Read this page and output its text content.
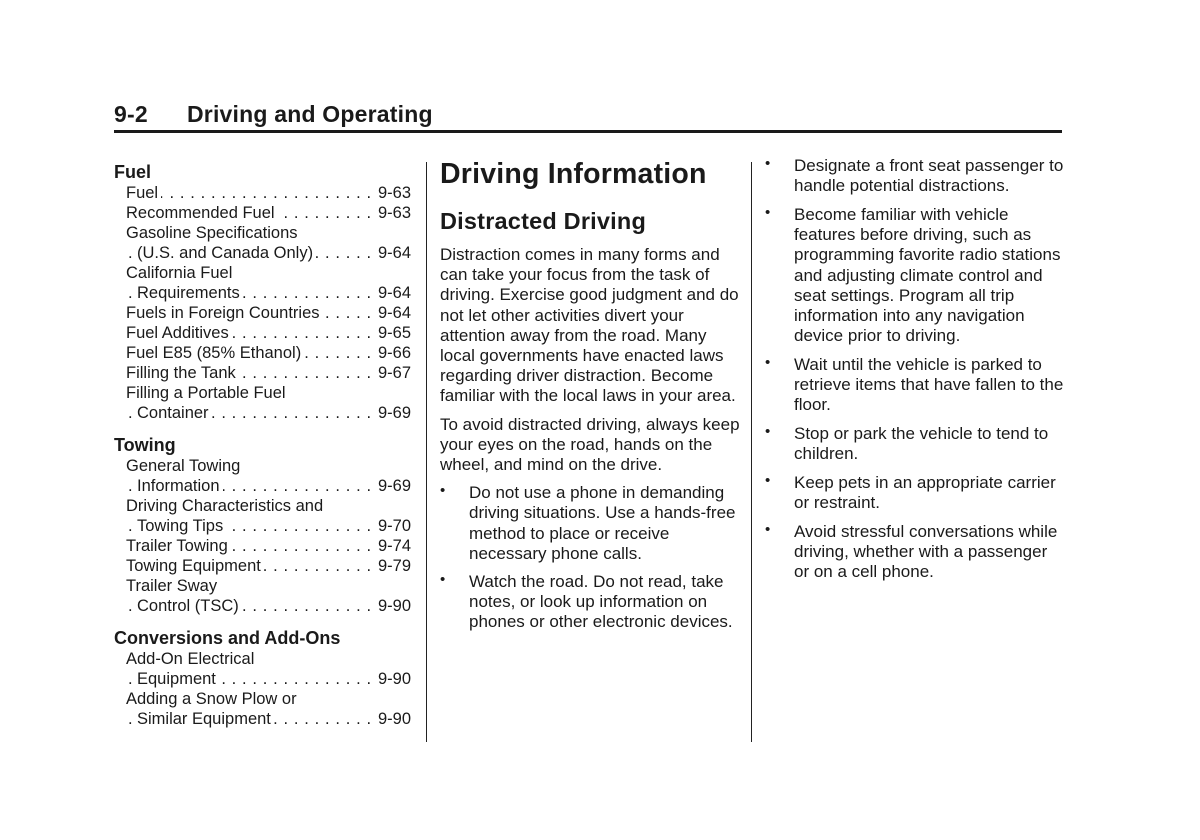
9-2 Driving and Operating
Fuel
. . . Fuel	9-63
. . . Recommended Fuel	9-63
Gasoline Specifications
. . . (U.S. and Canada Only)	9-64
California Fuel
. . . Requirements	9-64
. . . Fuels in Foreign Countries	9-64
. . . Fuel Additives	9-65
. . . Fuel E85 (85% Ethanol)	9-66
. . . Filling the Tank	9-67
Filling a Portable Fuel
. . . Container	9-69
Towing
General Towing
. . . Information	9-69
Driving Characteristics and
. . . Towing Tips	9-70
. . . Trailer Towing	9-74
. . . Towing Equipment	9-79
Trailer Sway
. . . Control (TSC)	9-90
Conversions and Add-Ons
Add-On Electrical
. . . Equipment	9-90
Adding a Snow Plow or
. . . Similar Equipment	9-90
Driving Information
Distracted Driving

Distraction comes in many forms and can take your focus from the task of driving. Exercise good judgment and do not let other activities divert your attention away from the road. Many local governments have enacted laws regarding driver distraction. Become familiar with the local laws in your area.

To avoid distracted driving, always keep your eyes on the road, hands on the wheel, and mind on the drive.

• Do not use a phone in demanding driving situations. Use a hands-free method to place or receive necessary phone calls.
• Watch the road. Do not read, take notes, or look up information on phones or other electronic devices.
• Designate a front seat passenger to handle potential distractions.
• Become familiar with vehicle features before driving, such as programming favorite radio stations and adjusting climate control and seat settings. Program all trip information into any navigation device prior to driving.
• Wait until the vehicle is parked to retrieve items that have fallen to the floor.
• Stop or park the vehicle to tend to children.
• Keep pets in an appropriate carrier or restraint.
• Avoid stressful conversations while driving, whether with a passenger or on a cell phone.
